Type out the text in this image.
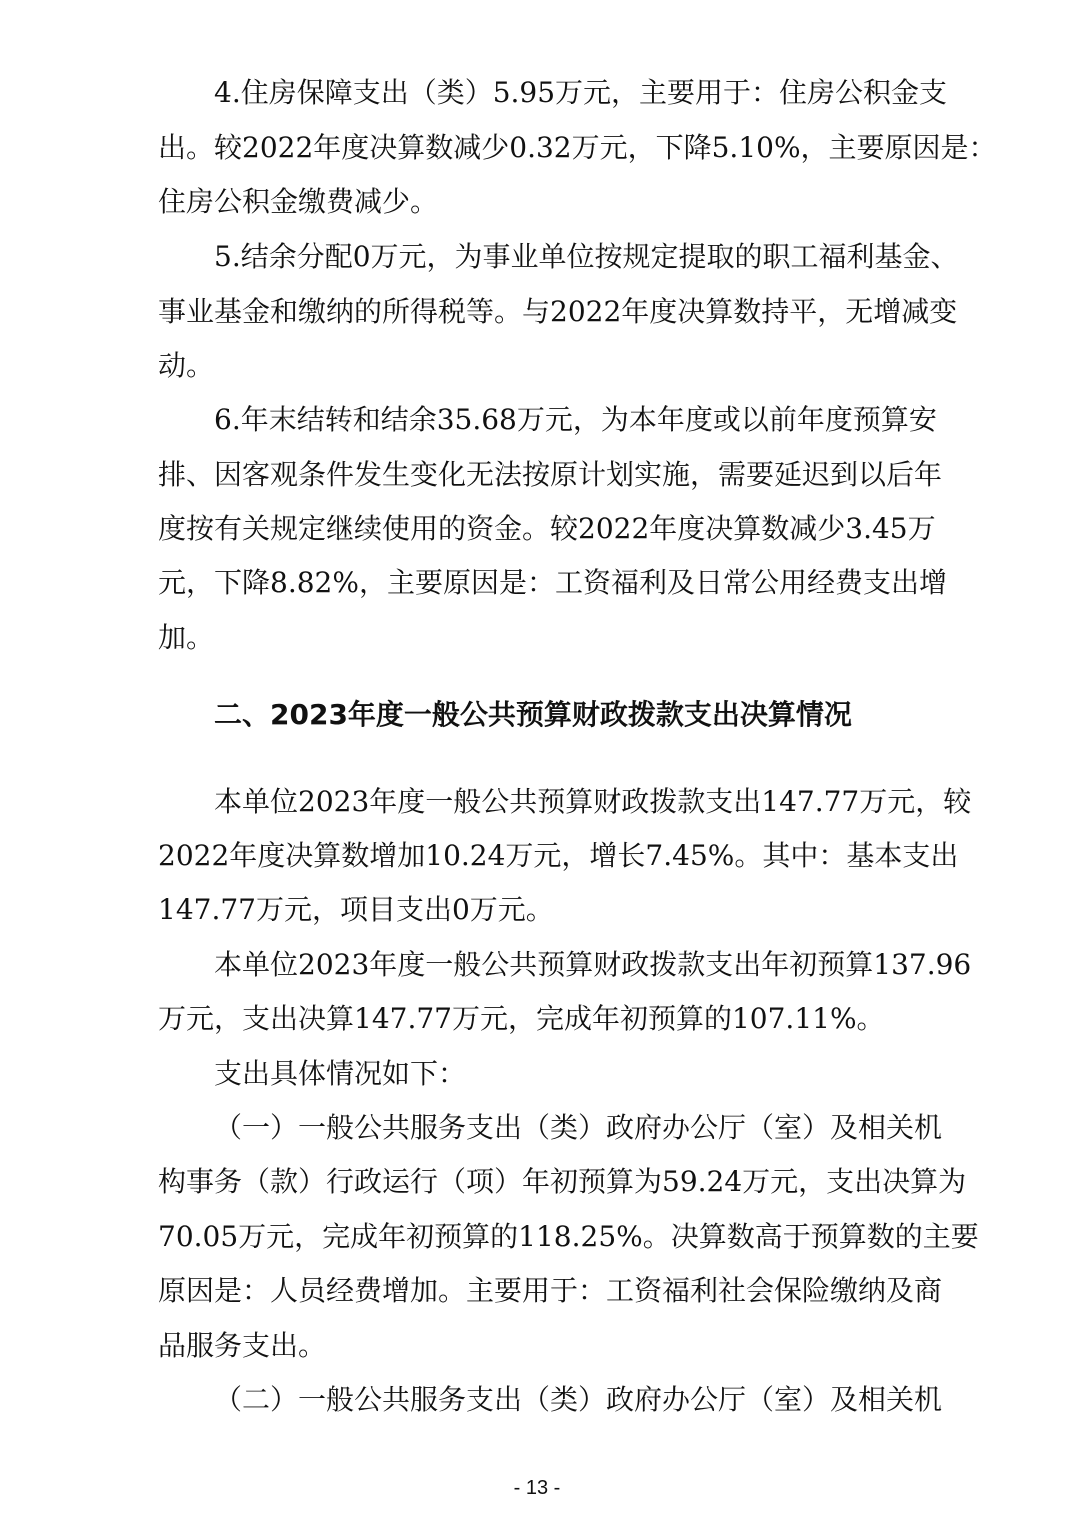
4.住房保障支出（类）5.95万元，主要用于：住房公积金支
出。较2022年度决算数减少0.32万元，下降5.10%，主要原因是：
住房公积金缴费减少。
5.结余分配0万元，为事业单位按规定提取的职工福利基金、
事业基金和缴纳的所得税等。与2022年度决算数持平，无增减变
动。
6.年末结转和结余35.68万元，为本年度或以前年度预算安
排、因客观条件发生变化无法按原计划实施，需要延迟到以后年
度按有关规定继续使用的资金。较2022年度决算数减少3.45万
元，下降8.82%，主要原因是：工资福利及日常公用经费支出增
加。
二、2023年度一般公共预算财政拨款支出决算情况
本单位2023年度一般公共预算财政拨款支出147.77万元，较
2022年度决算数增加10.24万元，增长7.45%。其中：基本支出
147.77万元，项目支出0万元。
本单位2023年度一般公共预算财政拨款支出年初预算137.96
万元，支出决算147.77万元，完成年初预算的107.11%。
支出具体情况如下：
（一）一般公共服务支出（类）政府办公厅（室）及相关机
构事务（款）行政运行（项）年初预算为59.24万元，支出决算为
70.05万元，完成年初预算的118.25%。决算数高于预算数的主要
原因是：人员经费增加。主要用于：工资福利社会保险缴纳及商
品服务支出。
（二）一般公共服务支出（类）政府办公厅（室）及相关机
- 13 -
